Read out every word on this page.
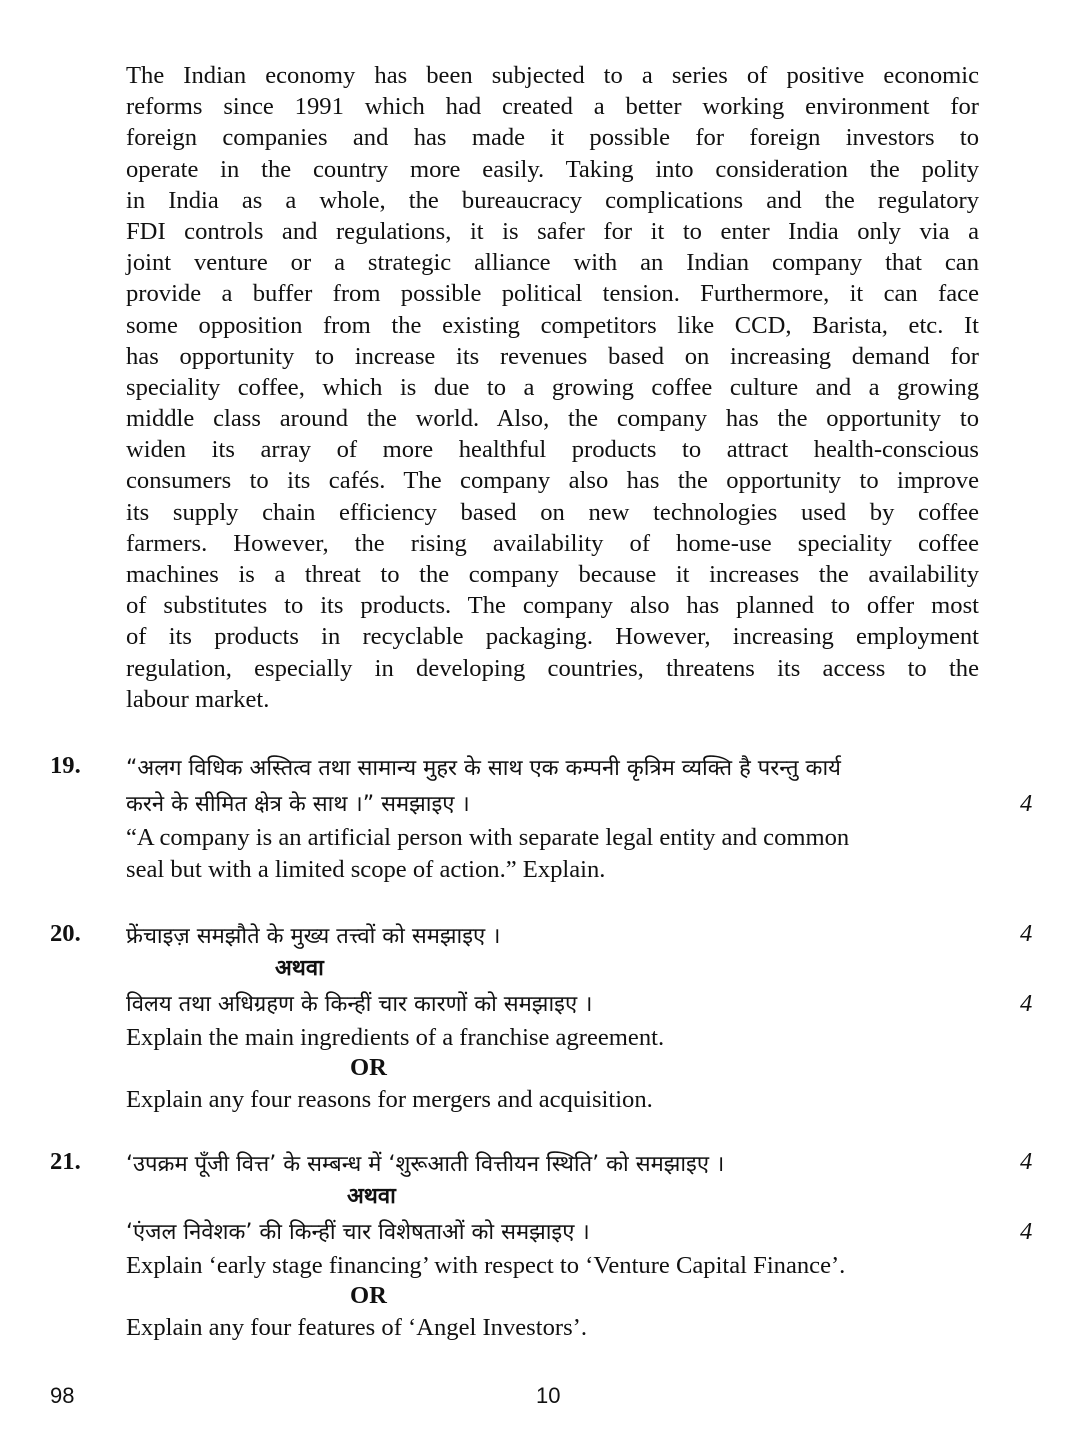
The Indian economy has been subjected to a series of positive economic
reforms since 1991 which had created a better working environment for
foreign companies and has made it possible for foreign investors to
operate in the country more easily. Taking into consideration the polity
in India as a whole, the bureaucracy complications and the regulatory
FDI controls and regulations, it is safer for it to enter India only via a
joint venture or a strategic alliance with an Indian company that can
provide a buffer from possible political tension. Furthermore, it can face
some opposition from the existing competitors like CCD, Barista, etc. It
has opportunity to increase its revenues based on increasing demand for
speciality coffee, which is due to a growing coffee culture and a growing
middle class around the world. Also, the company has the opportunity to
widen its array of more healthful products to attract health-conscious
consumers to its cafés. The company also has the opportunity to improve
its supply chain efficiency based on new technologies used by coffee
farmers. However, the rising availability of home-use speciality coffee
machines is a threat to the company because it increases the availability
of substitutes to its products. The company also has planned to offer most
of its products in recyclable packaging. However, increasing employment
regulation, especially in developing countries, threatens its access to the
labour market.
19. “अलग विधिक अस्तित्व तथा सामान्य मुहर के साथ एक कम्पनी कृत्रिम व्यक्ति है परन्तु कार्य
करने के सीमित क्षेत्र के साथ ।” समझाइए ।	4
“A company is an artificial person with separate legal entity and common
seal but with a limited scope of action.” Explain.
20. फ्रेंचाइज़ समझौते के मुख्य तत्त्वों को समझाइए ।	4
अथवा
विलय तथा अधिग्रहण के किन्हीं चार कारणों को समझाइए ।	4
Explain the main ingredients of a franchise agreement.
OR
Explain any four reasons for mergers and acquisition.
21. ‘उपक्रम पूँजी वित्त’ के सम्बन्ध में ‘शुरूआती वित्तीयन स्थिति’ को समझाइए ।	4
अथवा
‘एंजल निवेशक’ की किन्हीं चार विशेषताओं को समझाइए ।	4
Explain ‘early stage financing’ with respect to ‘Venture Capital Finance’.
OR
Explain any four features of ‘Angel Investors’.
98	10
